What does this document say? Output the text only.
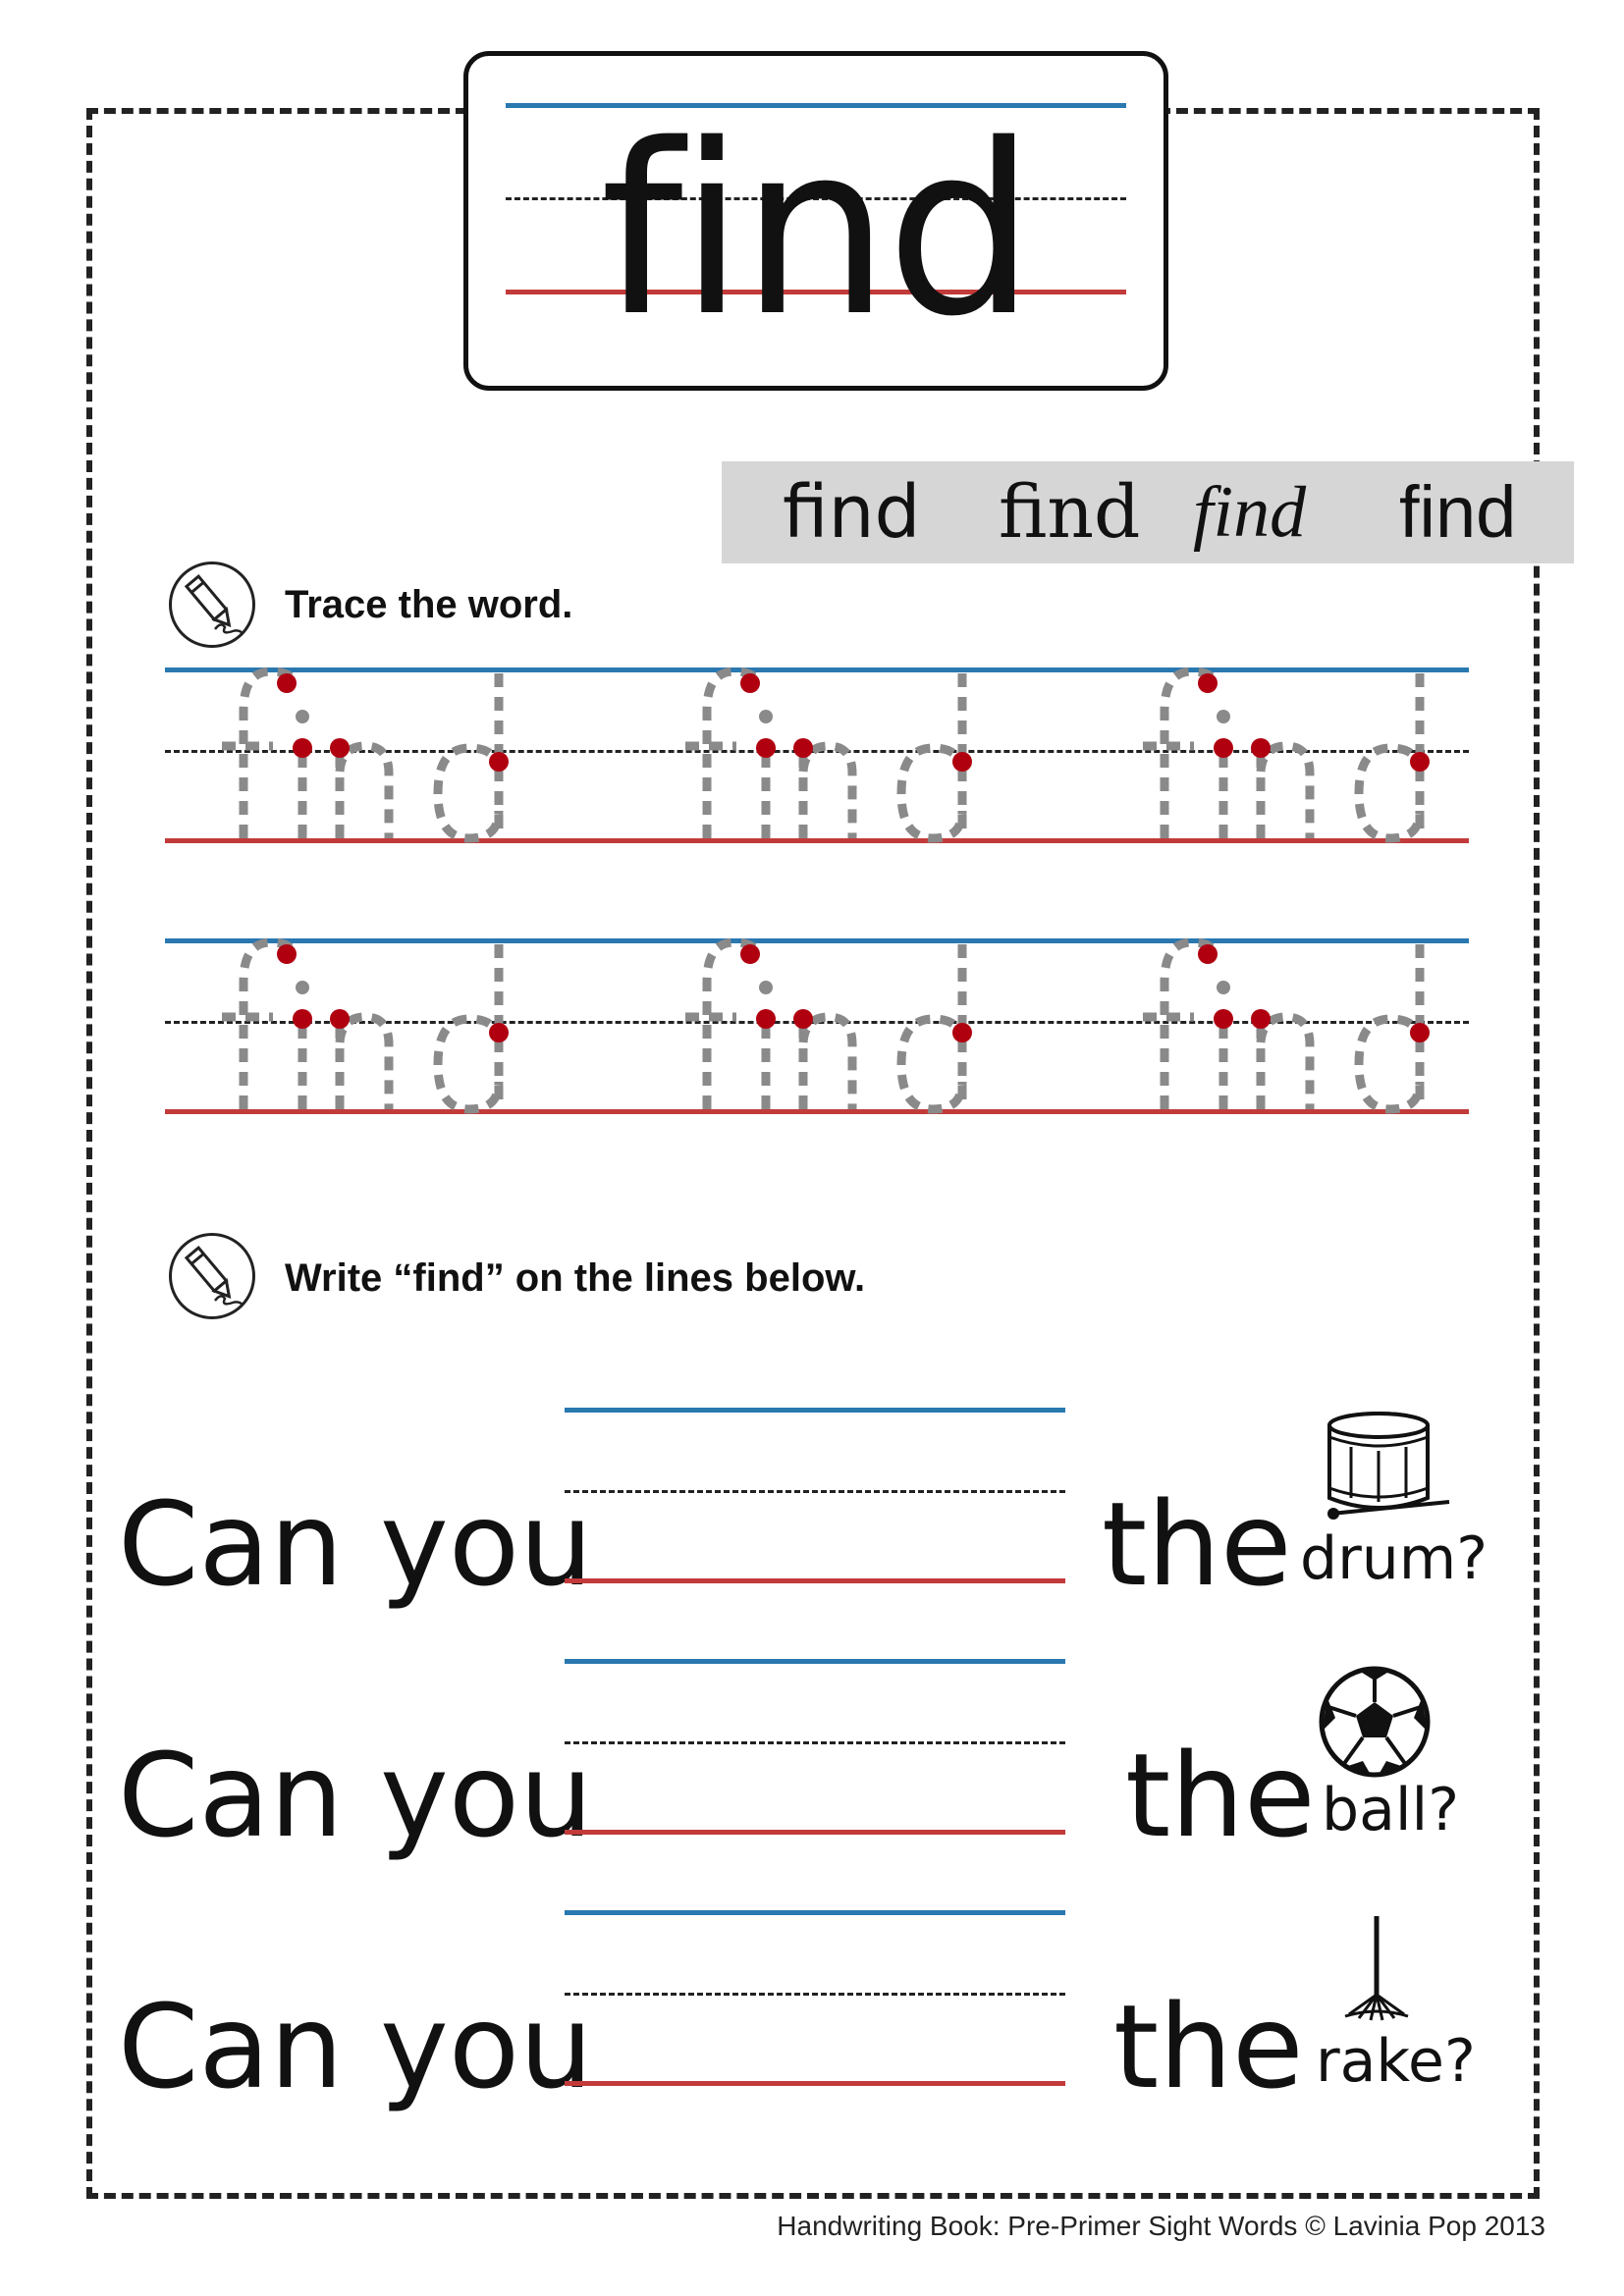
find
find find find find
Trace the word.
Write “find” on the lines below.
Can you	the drum?
Can you	the ball?
Can you	the rake?
Handwriting Book: Pre-Primer Sight Words © Lavinia Pop 2013
